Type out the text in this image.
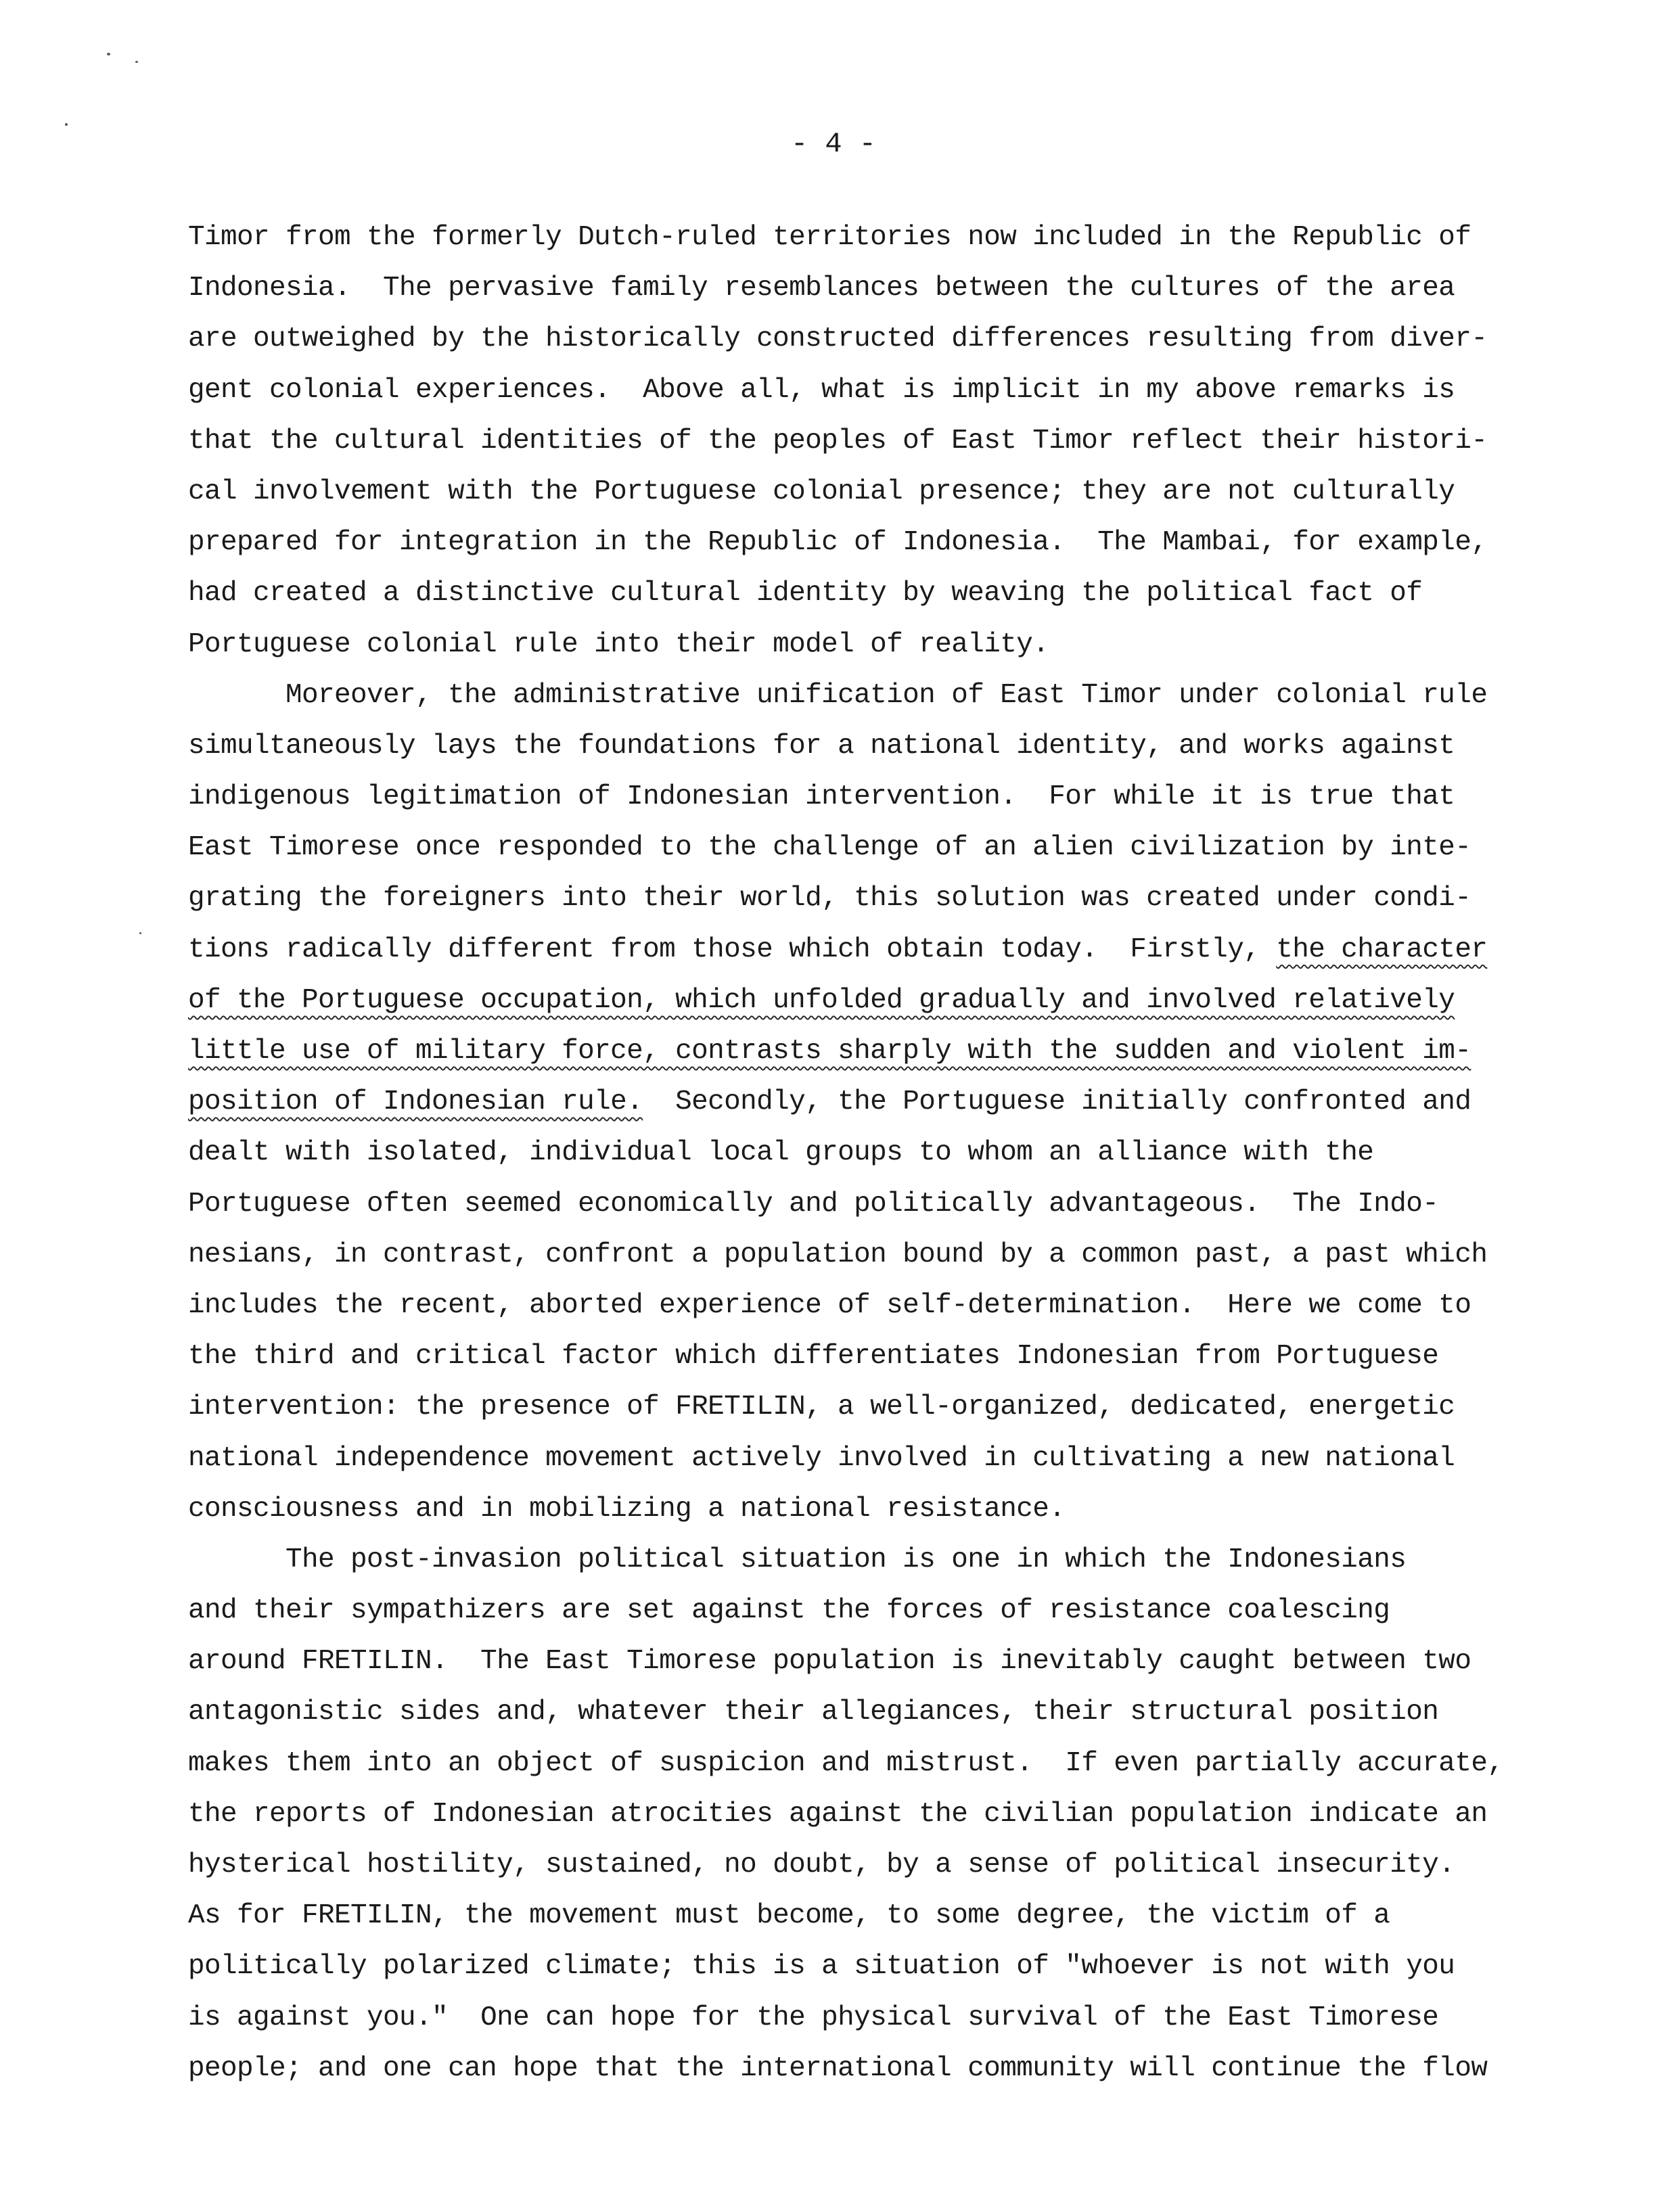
- 4 -
Timor from the formerly Dutch-ruled territories now included in the Republic of
Indonesia.  The pervasive family resemblances between the cultures of the area
are outweighed by the historically constructed differences resulting from diver-
gent colonial experiences.  Above all, what is implicit in my above remarks is
that the cultural identities of the peoples of East Timor reflect their histori-
cal involvement with the Portuguese colonial presence; they are not culturally
prepared for integration in the Republic of Indonesia.  The Mambai, for example,
had created a distinctive cultural identity by weaving the political fact of
Portuguese colonial rule into their model of reality.
Moreover, the administrative unification of East Timor under colonial rule
simultaneously lays the foundations for a national identity, and works against
indigenous legitimation of Indonesian intervention.  For while it is true that
East Timorese once responded to the challenge of an alien civilization by inte-
grating the foreigners into their world, this solution was created under condi-
tions radically different from those which obtain today.  Firstly, the character
of the Portuguese occupation, which unfolded gradually and involved relatively
little use of military force, contrasts sharply with the sudden and violent im-
position of Indonesian rule.  Secondly, the Portuguese initially confronted and
dealt with isolated, individual local groups to whom an alliance with the
Portuguese often seemed economically and politically advantageous.  The Indo-
nesians, in contrast, confront a population bound by a common past, a past which
includes the recent, aborted experience of self-determination.  Here we come to
the third and critical factor which differentiates Indonesian from Portuguese
intervention: the presence of FRETILIN, a well-organized, dedicated, energetic
national independence movement actively involved in cultivating a new national
consciousness and in mobilizing a national resistance.
The post-invasion political situation is one in which the Indonesians
and their sympathizers are set against the forces of resistance coalescing
around FRETILIN.  The East Timorese population is inevitably caught between two
antagonistic sides and, whatever their allegiances, their structural position
makes them into an object of suspicion and mistrust.  If even partially accurate,
the reports of Indonesian atrocities against the civilian population indicate an
hysterical hostility, sustained, no doubt, by a sense of political insecurity.
As for FRETILIN, the movement must become, to some degree, the victim of a
politically polarized climate; this is a situation of "whoever is not with you
is against you."  One can hope for the physical survival of the East Timorese
people; and one can hope that the international community will continue the flow
